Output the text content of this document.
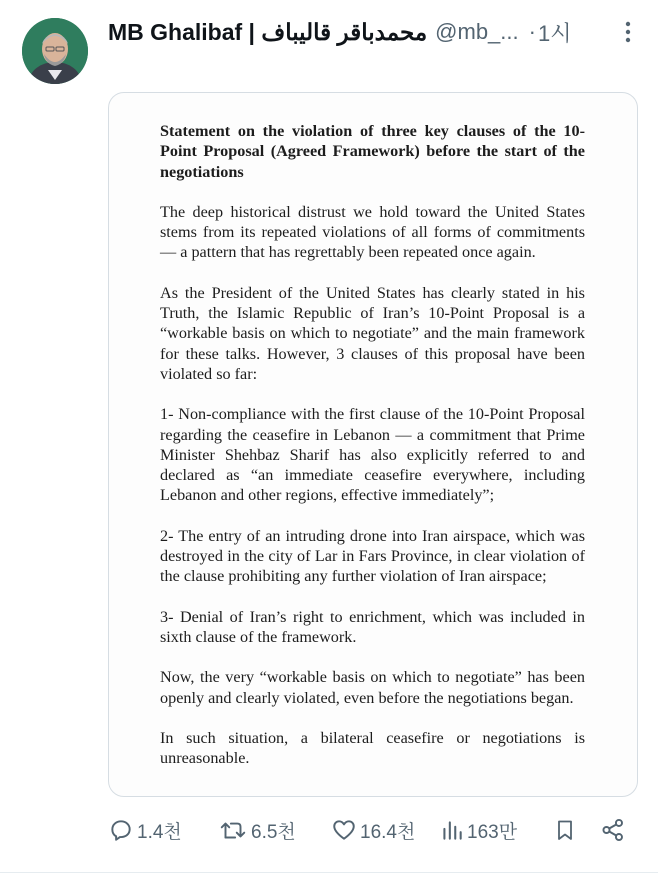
MB Ghalibaf | محمدباقر قالیباف @mb_... · 1시
Statement on the violation of three key clauses of the 10-Point Proposal (Agreed Framework) before the start of the negotiations

The deep historical distrust we hold toward the United States stems from its repeated violations of all forms of commitments — a pattern that has regrettably been repeated once again.

As the President of the United States has clearly stated in his Truth, the Islamic Republic of Iran’s 10-Point Proposal is a “workable basis on which to negotiate” and the main framework for these talks. However, 3 clauses of this proposal have been violated so far:

1- Non-compliance with the first clause of the 10-Point Proposal regarding the ceasefire in Lebanon — a commitment that Prime Minister Shehbaz Sharif has also explicitly referred to and declared as “an immediate ceasefire everywhere, including Lebanon and other regions, effective immediately”;

2- The entry of an intruding drone into Iran airspace, which was destroyed in the city of Lar in Fars Province, in clear violation of the clause prohibiting any further violation of Iran airspace;

3- Denial of Iran’s right to enrichment, which was included in sixth clause of the framework.

Now, the very “workable basis on which to negotiate” has been openly and clearly violated, even before the negotiations began.

In such situation, a bilateral ceasefire or negotiations is unreasonable.

1.4천	6.5천	16.4천	163만
